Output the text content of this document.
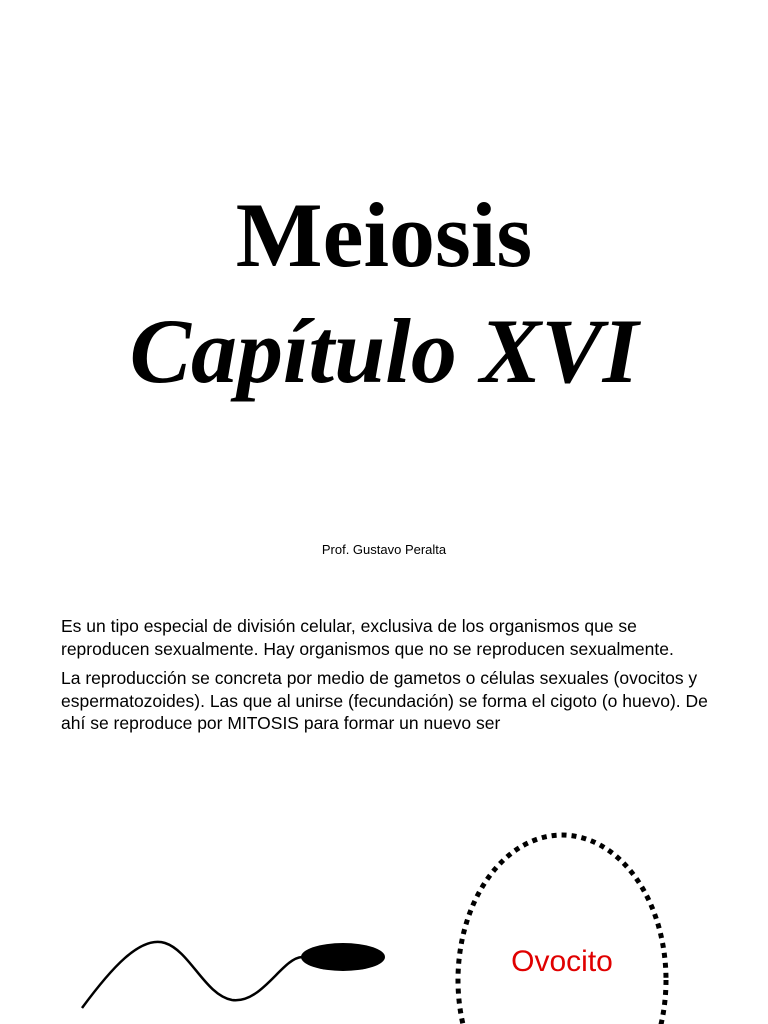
Meiosis
Capítulo XVI
Prof. Gustavo Peralta

Es un tipo especial de división celular, exclusiva de los organismos que se reproducen sexualmente. Hay organismos que no se reproducen sexualmente.

La reproducción se concreta por medio de gametos o células sexuales (ovocitos y espermatozoides). Las que al unirse (fecundación) se forma el cigoto (o huevo). De ahí se reproduce por MITOSIS para formar un nuevo ser

Ovocito
